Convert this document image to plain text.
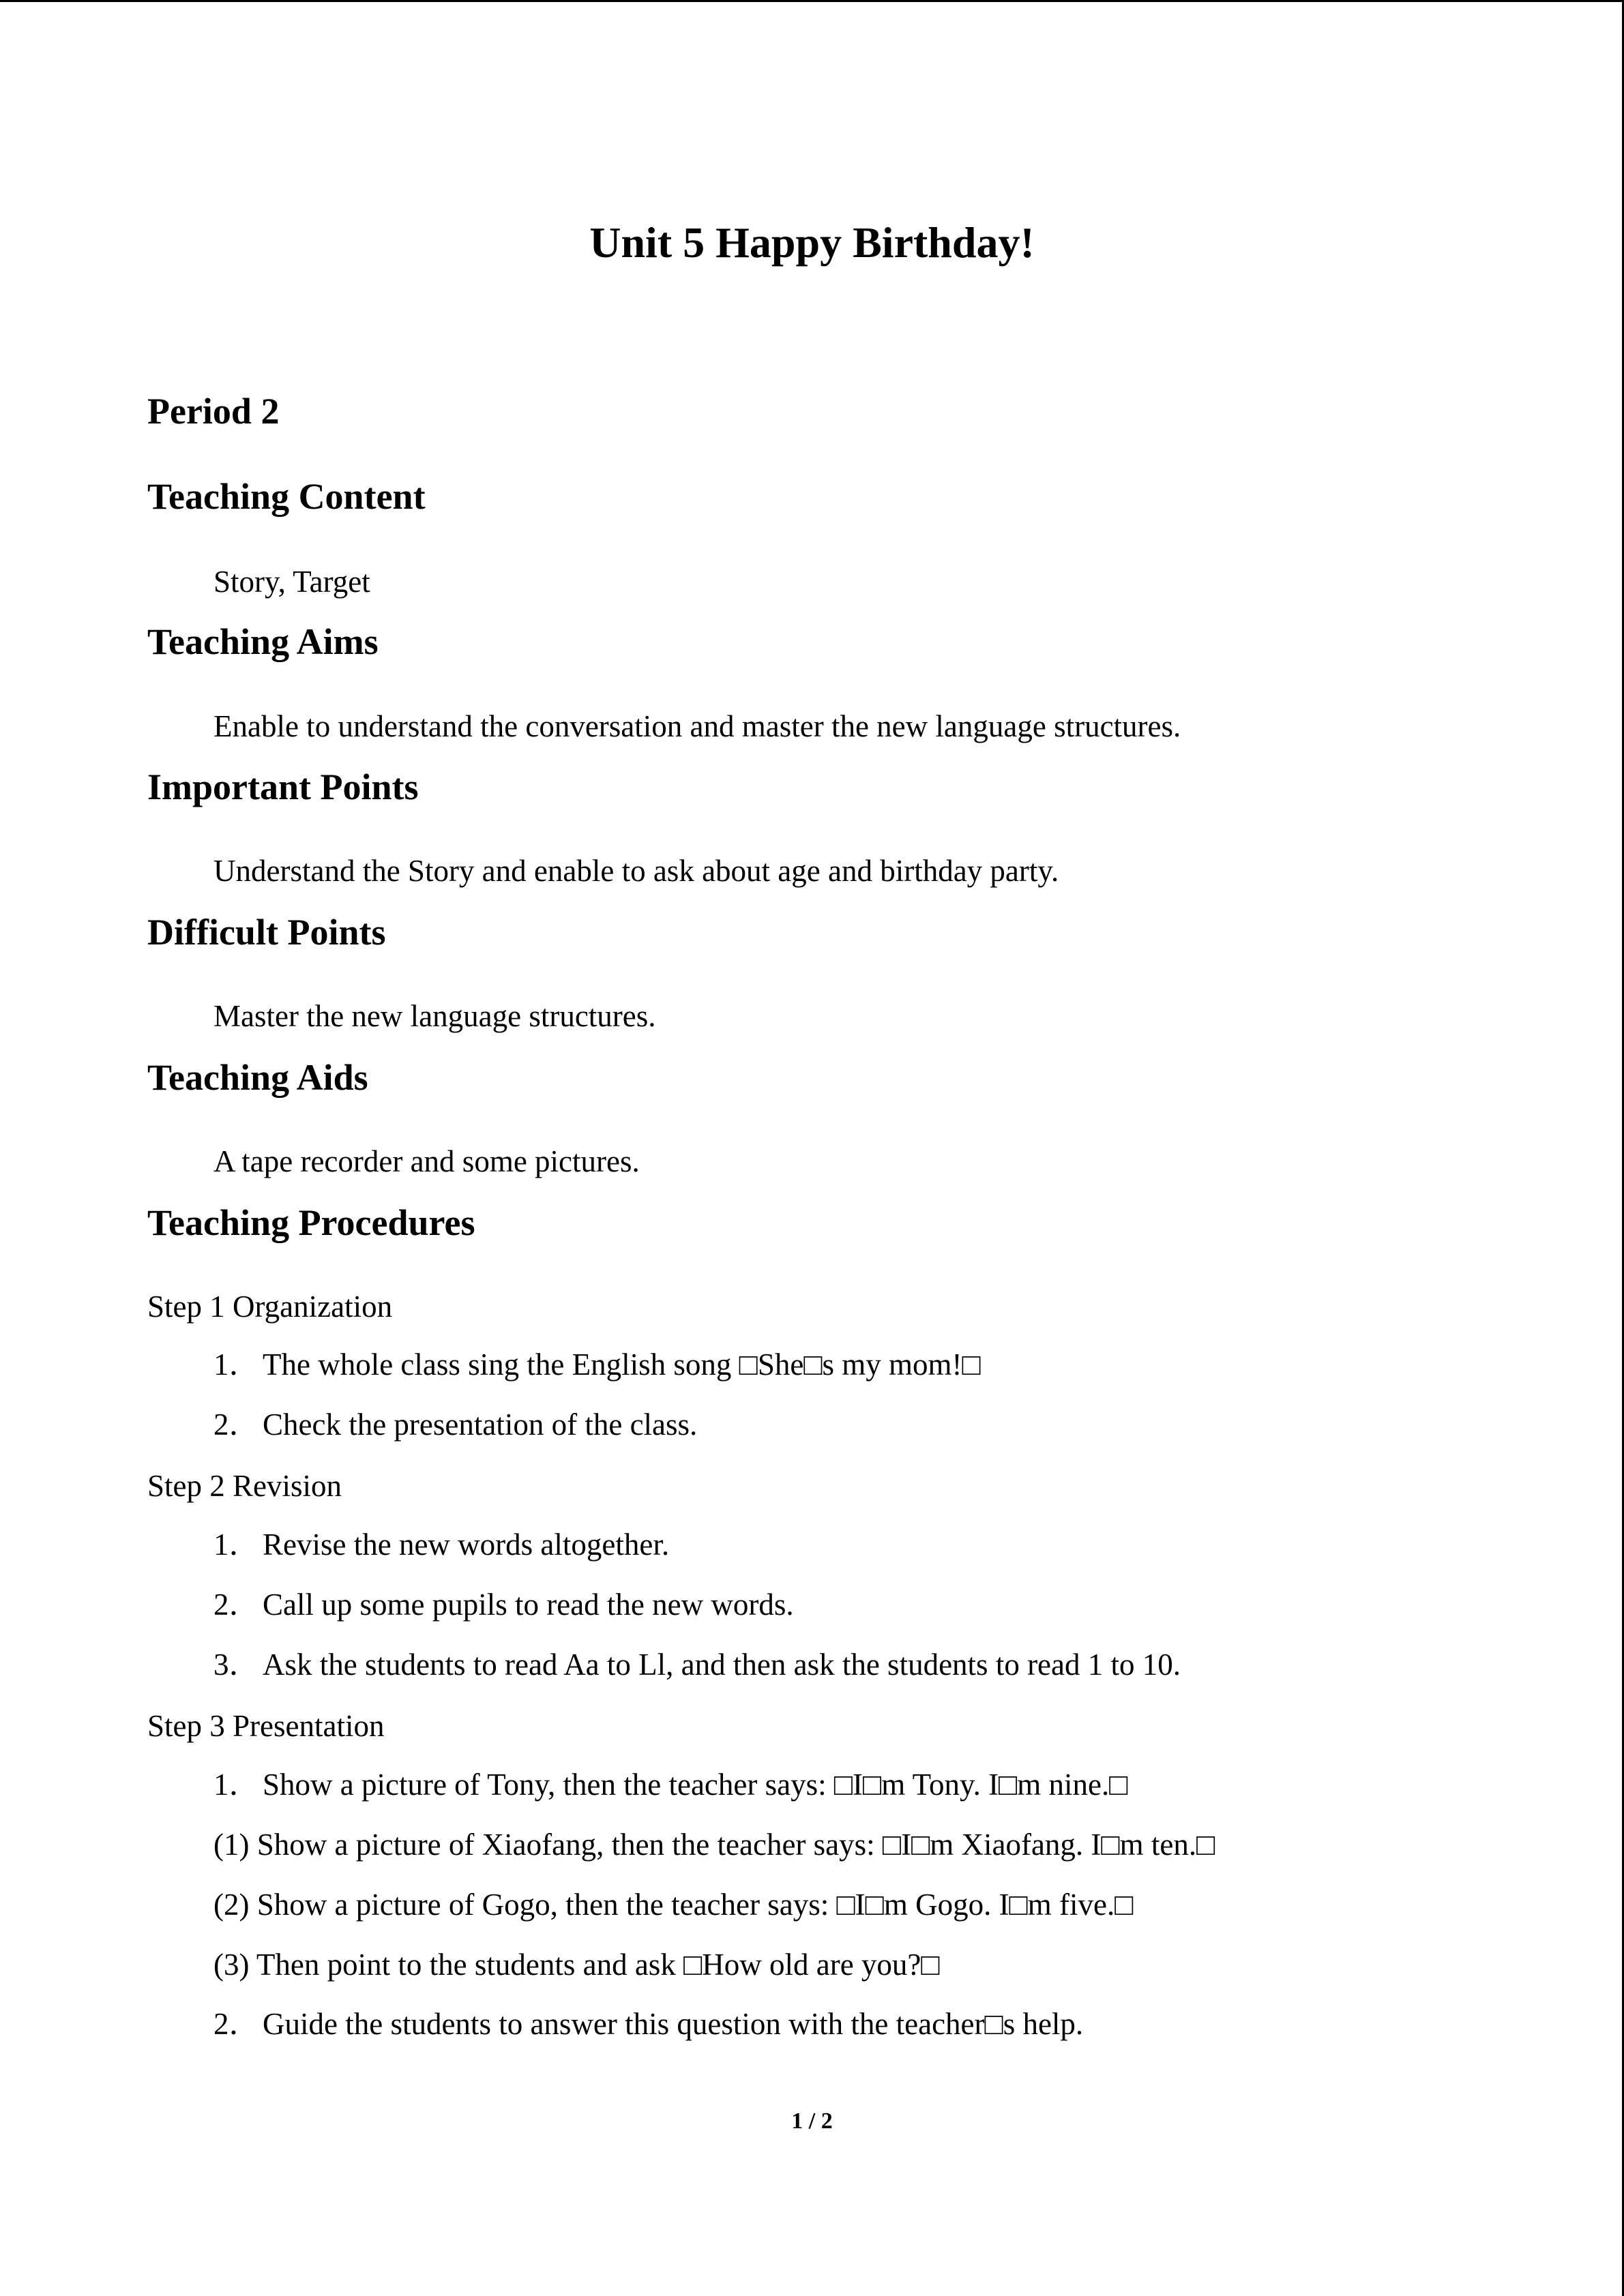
Unit 5 Happy Birthday!
Period 2
Teaching Content
Story, Target
Teaching Aims
Enable to understand the conversation and master the new language structures.
Important Points
Understand the Story and enable to ask about age and birthday party.
Difficult Points
Master the new language structures.
Teaching Aids
A tape recorder and some pictures.
Teaching Procedures
Step 1 Organization
1．The whole class sing the English song □She□s my mom!□
2．Check the presentation of the class.
Step 2 Revision
1．Revise the new words altogether.
2．Call up some pupils to read the new words.
3．Ask the students to read Aa to Ll, and then ask the students to read 1 to 10.
Step 3 Presentation
1．Show a picture of Tony, then the teacher says: □I□m Tony. I□m nine.□
(1) Show a picture of Xiaofang, then the teacher says: □I□m Xiaofang. I□m ten.□
(2) Show a picture of Gogo, then the teacher says: □I□m Gogo. I□m five.□
(3) Then point to the students and ask □How old are you?□
2．Guide the students to answer this question with the teacher□s help.
1 / 2
